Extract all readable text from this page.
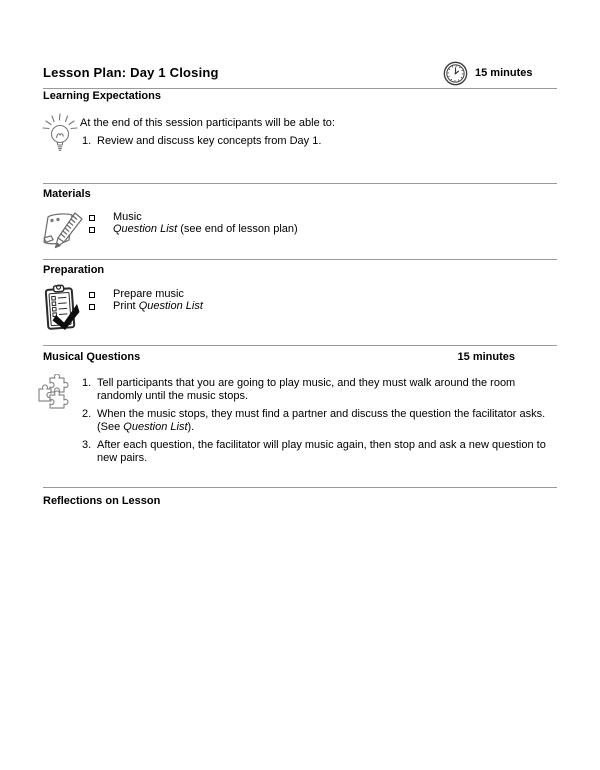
Lesson Plan: Day 1 Closing	15 minutes
Learning Expectations
At the end of this session participants will be able to:
1. Review and discuss key concepts from Day 1.
Materials
Music
Question List (see end of lesson plan)
Preparation
Prepare music
Print Question List
Musical Questions	15 minutes
1. Tell participants that you are going to play music, and they must walk around the room randomly until the music stops.
2. When the music stops, they must find a partner and discuss the question the facilitator asks. (See Question List).
3. After each question, the facilitator will play music again, then stop and ask a new question to new pairs.
Reflections on Lesson
